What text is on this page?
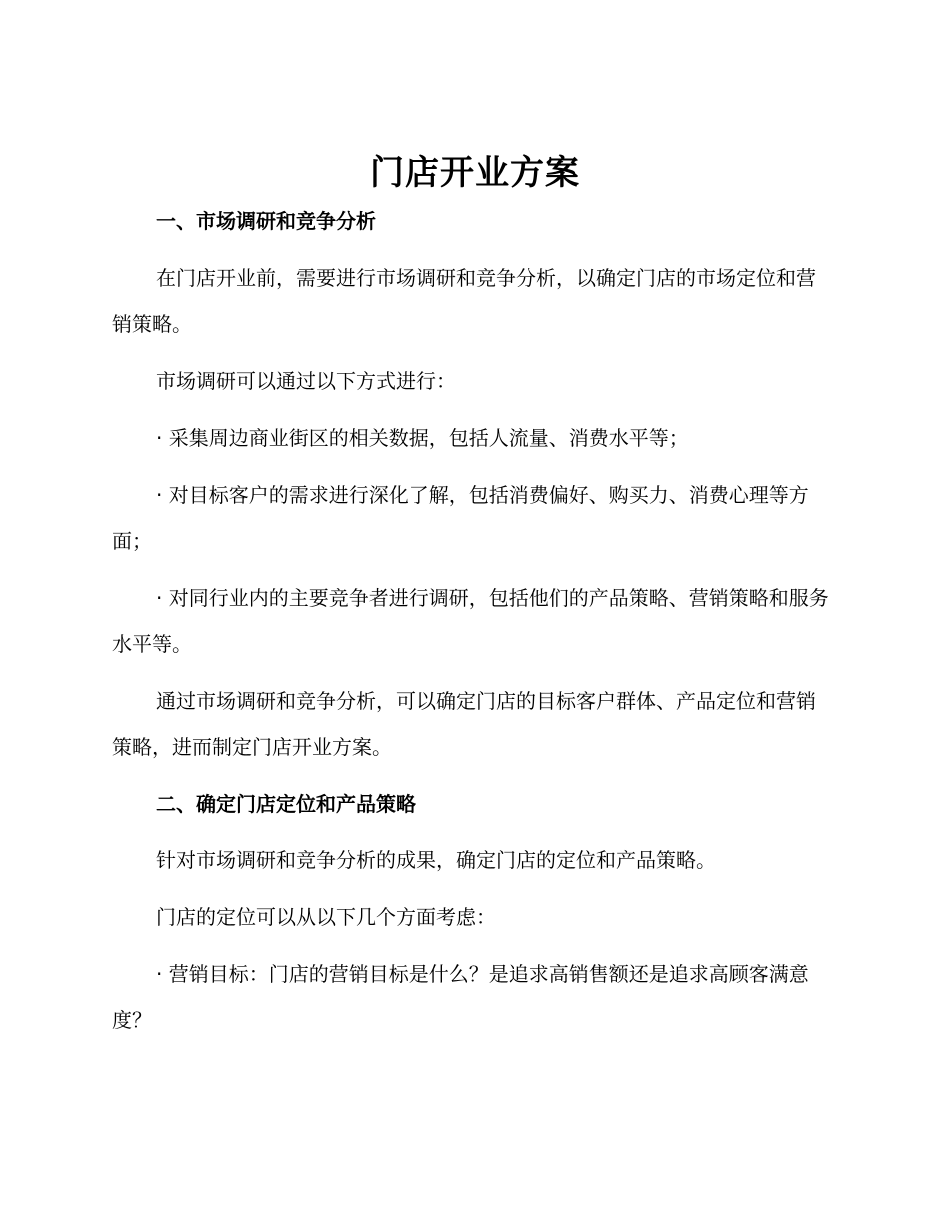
门店开业方案

一、市场调研和竞争分析

在门店开业前，需要进行市场调研和竞争分析，以确定门店的市场定位和营销策略。

市场调研可以通过以下方式进行：

· 采集周边商业街区的相关数据，包括人流量、消费水平等；

· 对目标客户的需求进行深化了解，包括消费偏好、购买力、消费心理等方面；

· 对同行业内的主要竞争者进行调研，包括他们的产品策略、营销策略和服务水平等。

通过市场调研和竞争分析，可以确定门店的目标客户群体、产品定位和营销策略，进而制定门店开业方案。

二、确定门店定位和产品策略

针对市场调研和竞争分析的成果，确定门店的定位和产品策略。

门店的定位可以从以下几个方面考虑：

· 营销目标：门店的营销目标是什么？是追求高销售额还是追求高顾客满意度？
